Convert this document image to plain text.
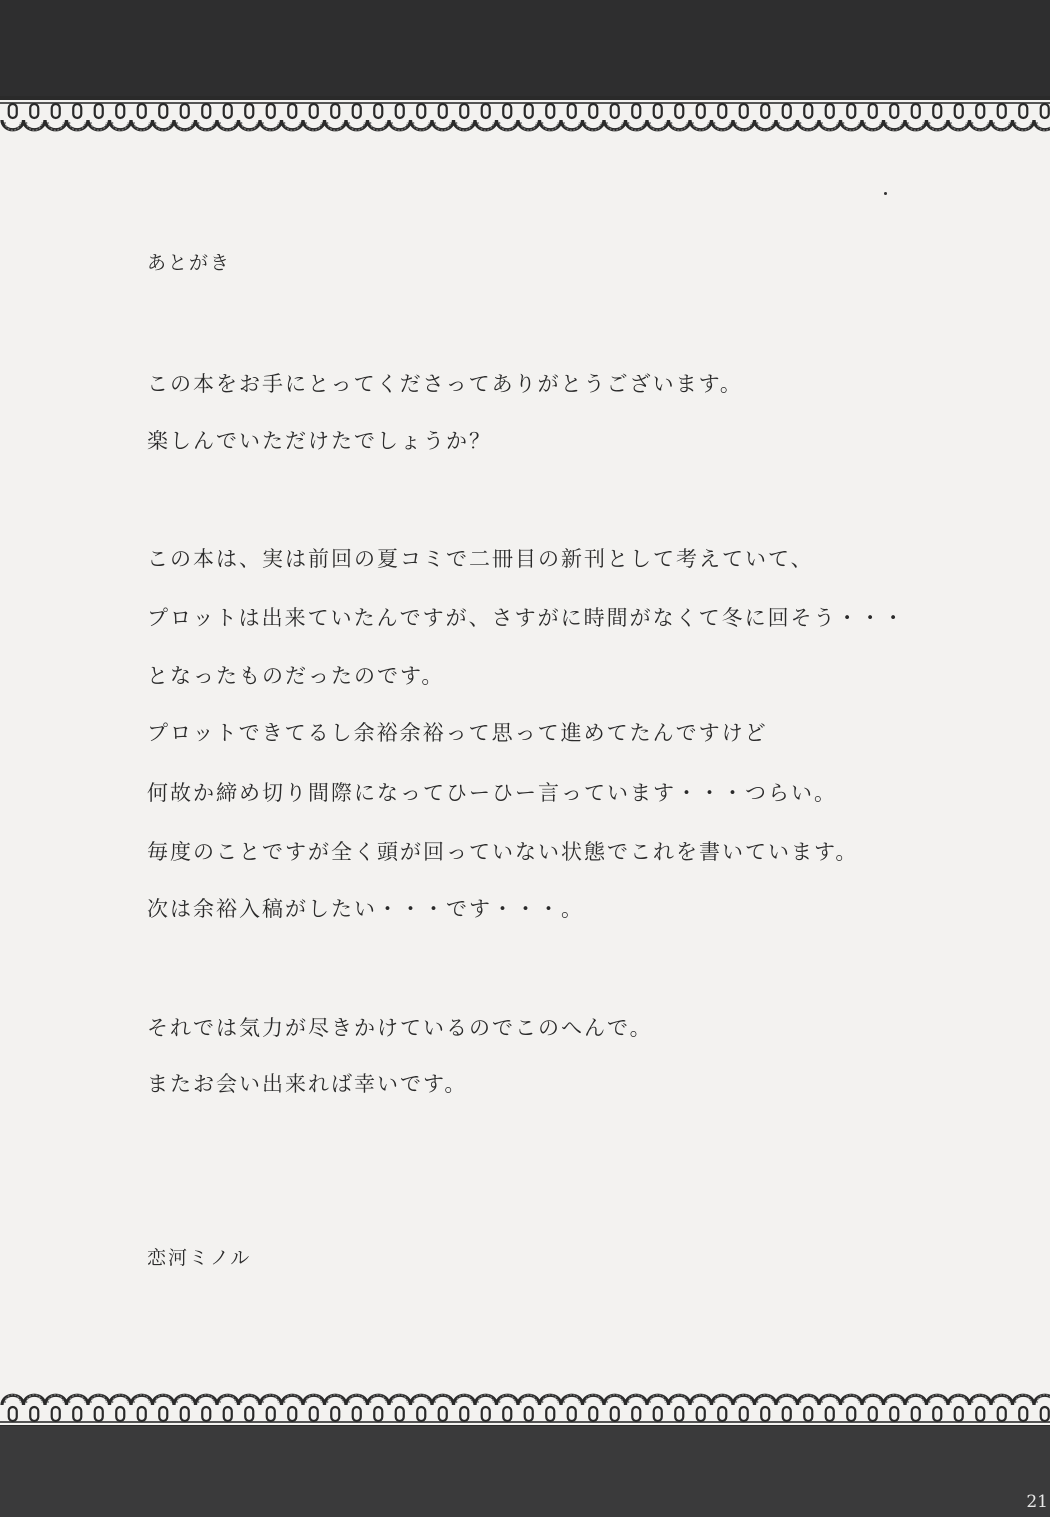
あとがき
この本をお手にとってくださってありがとうございます。
楽しんでいただけたでしょうか？
この本は、実は前回の夏コミで二冊目の新刊として考えていて、
プロットは出来ていたんですが、さすがに時間がなくて冬に回そう・・・
となったものだったのです。
プロットできてるし余裕余裕って思って進めてたんですけど
何故か締め切り間際になってひーひー言っています・・・つらい。
毎度のことですが全く頭が回っていない状態でこれを書いています。
次は余裕入稿がしたい・・・です・・・。
それでは気力が尽きかけているのでこのへんで。
またお会い出来れば幸いです。
恋河ミノル
21
